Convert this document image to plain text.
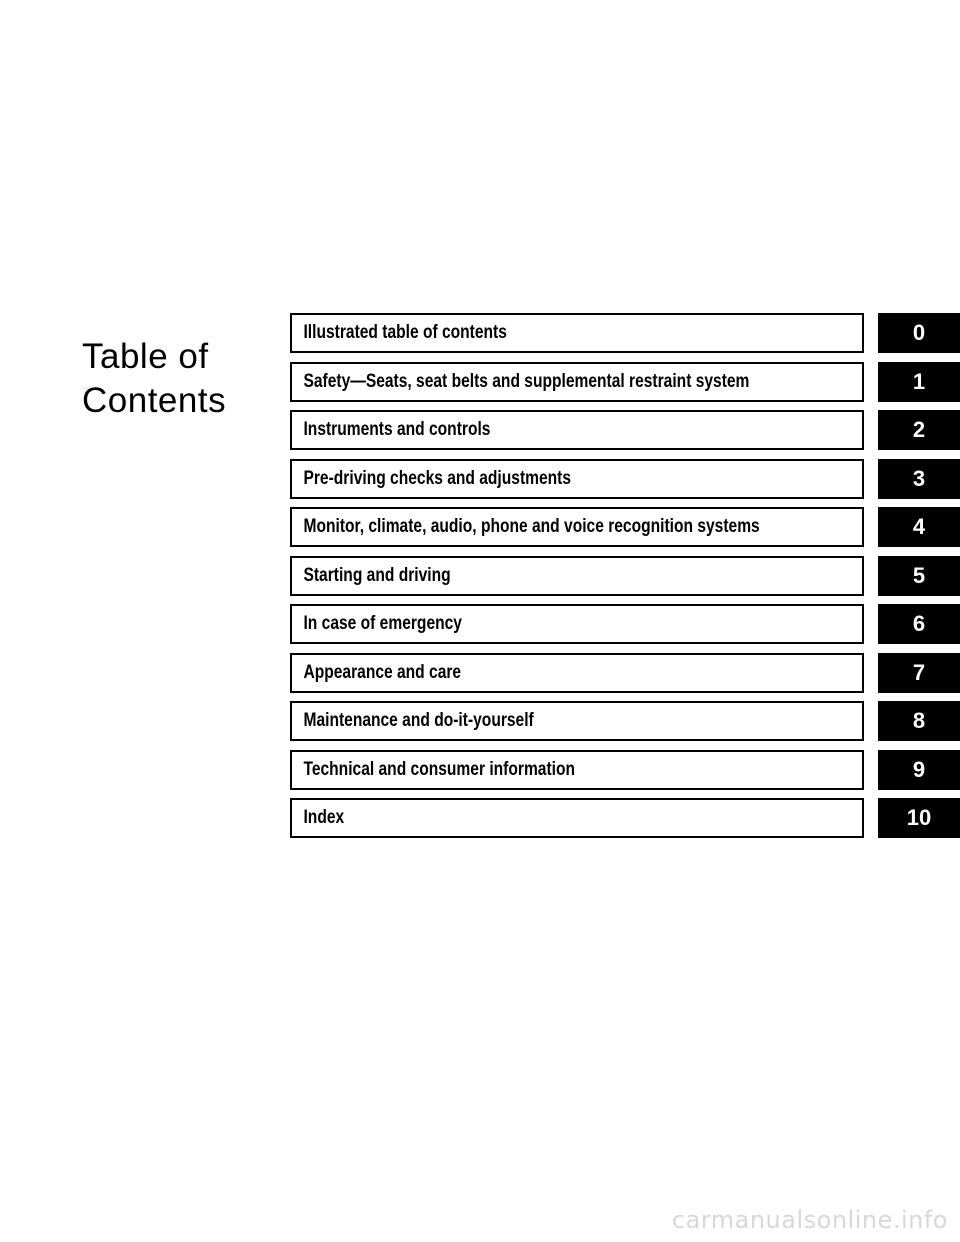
Table of
Contents
Illustrated table of contents	0
Safety—Seats, seat belts and supplemental restraint system	1
Instruments and controls	2
Pre-driving checks and adjustments	3
Monitor, climate, audio, phone and voice recognition systems	4
Starting and driving	5
In case of emergency	6
Appearance and care	7
Maintenance and do-it-yourself	8
Technical and consumer information	9
Index	10
carmanualsonline.info
